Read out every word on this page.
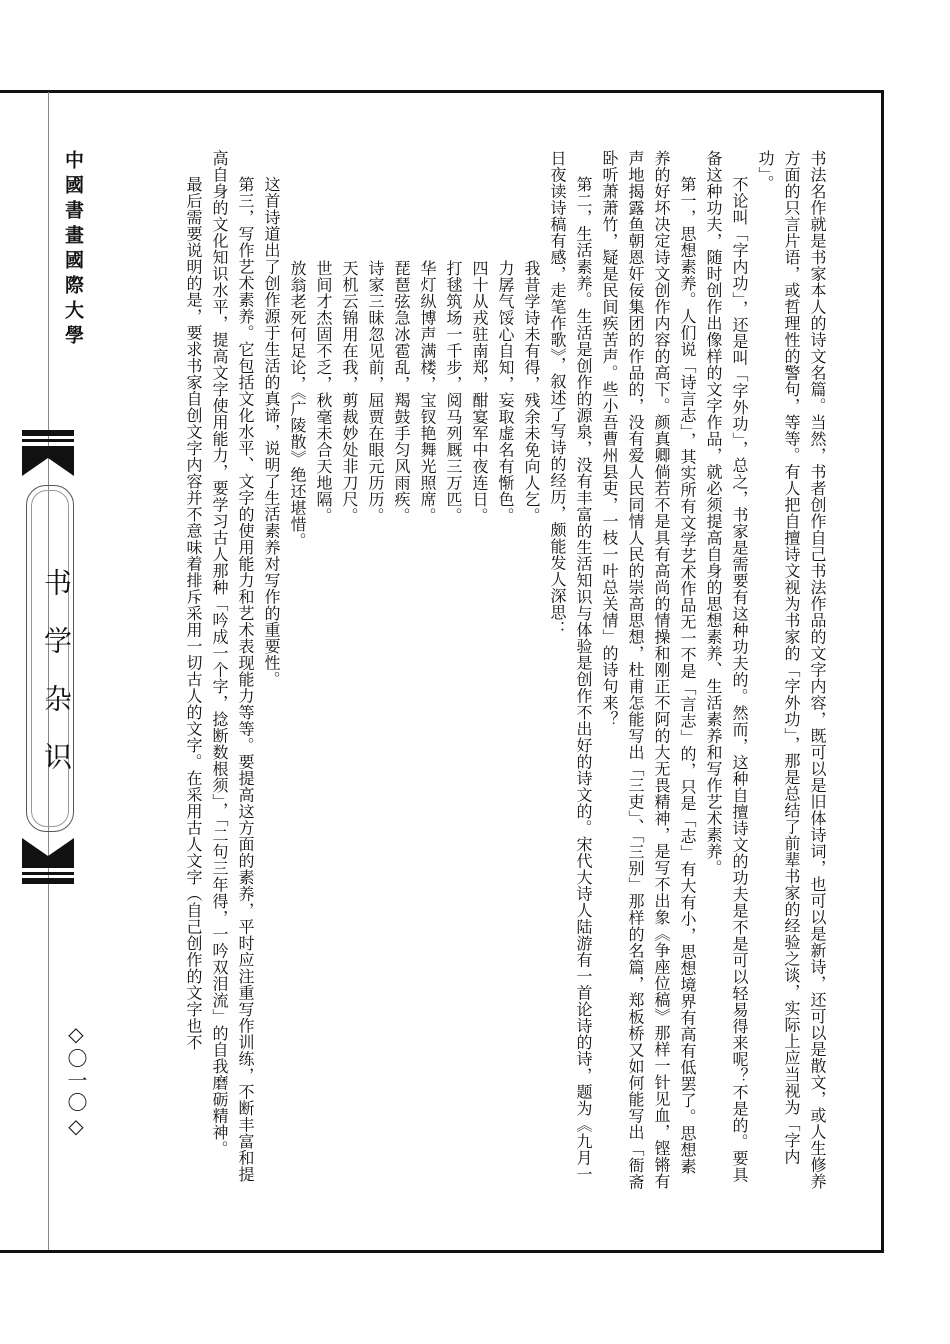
中國書畫國際大學
书学杂识
◇〇一〇◇	书法名作就是书家本人的诗文名篇。当然，书者创作自己书法作品的文字内容，既可以是旧体诗词，也可以是新诗，还可以是散文，或人生修养方面的只言片语，或哲理性的警句，等等。有人把自擅诗文视为书家的「字外功」，那是总结了前辈书家的经验之谈，实际上应当视为「字内功」。

不论叫「字内功」，还是叫「字外功」，总之，书家是需要有这种功夫的。然而，这种自擅诗文的功夫是不是可以轻易得来呢？不是的。要具备这种功夫，随时创作出像样的文字作品，就必须提高自身的思想素养、生活素养和写作艺术素养。

第一，思想素养。人们说「诗言志」，其实所有文学艺术作品无一不是「言志」的，只是「志」有大有小，思想境界有高有低罢了。思想素养的好坏决定诗文创作内容的高下。颜真卿倘若不是具有高尚的情操和刚正不阿的大无畏精神，是写不出象《争座位稿》那样一针见血，铿锵有声地揭露鱼朝恩奸佞集团的作品的，没有爱人民同情人民的崇高思想，杜甫怎能写出「三吏」、「三别」那样的名篇，郑板桥又如何能写出「衙斋卧听萧萧竹，疑是民间疾苦声。些小吾曹州县吏，一枝一叶总关情」的诗句来？

第二，生活素养。生活是创作的源泉，没有丰富的生活知识与体验是创作不出好的诗文的。宋代大诗人陆游有一首论诗的诗，题为《九月一日夜读诗稿有感，走笔作歌》，叙述了写诗的经历，颇能发人深思：

我昔学诗未有得，残余未免向人乞。

力孱气馁心自知，妄取虚名有惭色。

四十从戎驻南郑，酣宴军中夜连日。

打毬筑场一千步，阅马列厩三万匹。

华灯纵博声满楼，宝钗艳舞光照席。

琵琶弦急冰雹乱，羯鼓手匀风雨疾。

诗家三昧忽见前，屈贾在眼元历历。

天机云锦用在我，剪裁妙处非刀尺。

世间才杰固不乏，秋毫未合天地隔。

放翁老死何足论，《广陵散》绝还堪惜。

这首诗道出了创作源于生活的真谛，说明了生活素养对写作的重要性。

第三，写作艺术素养。它包括文化水平、文字的使用能力和艺术表现能力等等。要提高这方面的素养，平时应注重写作训练，不断丰富和提高自身的文化知识水平，提高文字使用能力，要学习古人那种「吟成一个字，捻断数根须」，「二句三年得，一吟双泪流」的自我磨砺精神。

最后需要说明的是，要求书家自创文字内容并不意味着排斥采用一切古人的文字。在采用古人文字（自己创作的文字也不
